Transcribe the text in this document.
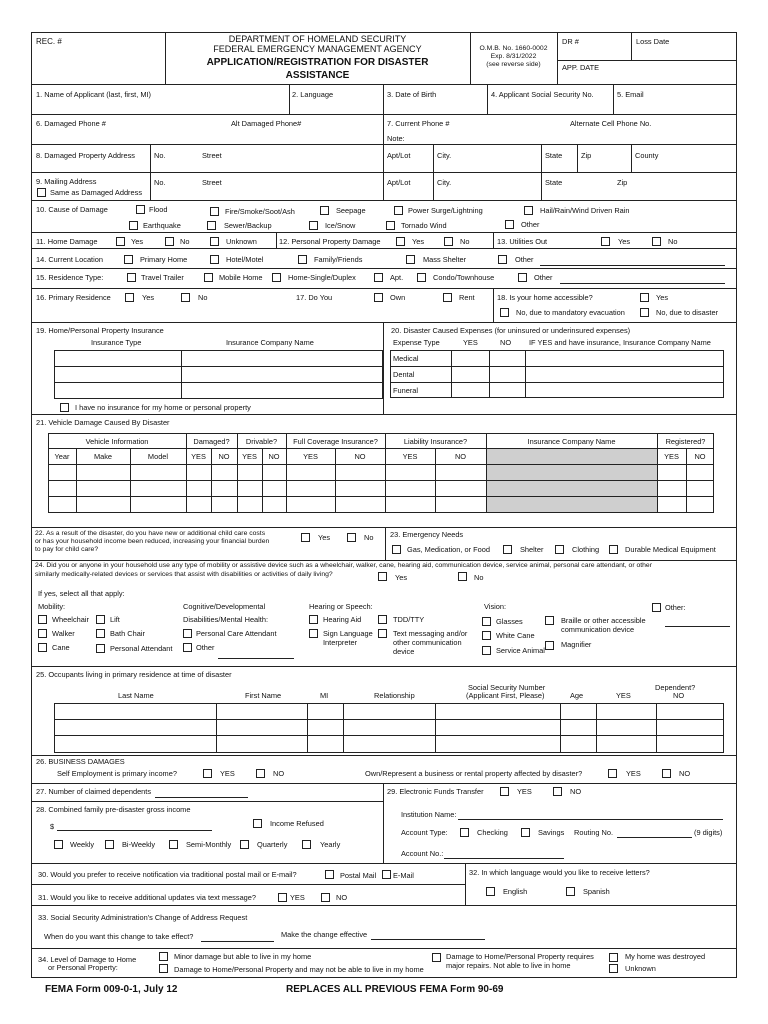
REC. #	DEPARTMENT OF HOMELAND SECURITY
FEDERAL EMERGENCY MANAGEMENT AGENCY
APPLICATION/REGISTRATION FOR DISASTER
ASSISTANCE
O.M.B. No. 1660-0002
Exp. 8/31/2022
(see reverse side)
DR #	Loss Date
APP. DATE
1. Name of Applicant (last, first, MI)	2. Language	3. Date of Birth	4. Applicant Social Security No.	5. Email
6. Damaged Phone #	Alt Damaged Phone#	7. Current Phone #	Alternate Cell Phone No.
Note:
8. Damaged Property Address	No.	Street	Apt/Lot	City.	State	Zip	County
9. Mailing Address
Same as Damaged Address
No.	Street	Apt/Lot	City.	State	Zip
10. Cause of Damage	Flood	Fire/Smoke/Soot/Ash	Seepage	Power Surge/Lightning	Hail/Rain/Wind Driven Rain
Earthquake	Sewer/Backup	Ice/Snow	Tornado Wind	Other
11. Home Damage	Yes	No	Unknown	12. Personal Property Damage	Yes	No	13. Utilities Out	Yes	No
14. Current Location	Primary Home	Hotel/Motel	Family/Friends	Mass Shelter	Other
15. Residence Type:	Travel Trailer	Mobile Home	Home-Single/Duplex	Apt.	Condo/Townhouse	Other
16. Primary Residence	Yes	No	17. Do You	Own	Rent	18. Is your home accessible?	Yes
No, due to mandatory evacuation	No, due to disaster
19. Home/Personal Property Insurance
Insurance Type	Insurance Company Name
I have no insurance for my home or personal property
20. Disaster Caused Expenses (for uninsured or underinsured expenses)
Expense Type	YES	NO IF YES and have insurance, Insurance Company Name
Medical
Dental
Funeral
21. Vehicle Damage Caused By Disaster
Vehicle Information	Damaged?	Drivable?	Full Coverage Insurance?	Liability Insurance?	Insurance Company Name	Registered?
Year	Make	Model	YES	NO	YES	NO	YES	NO	YES	NO	YES	NO
22. As a result of the disaster, do you have new or additional child care costs
or has your household income been reduced, increasing your financial burden
to pay for child care?
Yes	No 23. Emergency Needs
Gas, Medication, or Food	Shelter	Clothing	Durable Medical Equipment
24. Did you or anyone in your household use any type of mobility or assistive device such as a wheelchair, walker, cane, hearing aid, communication device, service animal, personal care attendant, or other
similarly medically-related devices or services that assist with disabilities or activities of daily living?	Yes	No
If yes, select all that apply:
Mobility:
Wheelchair	Lift
Walker	Bath Chair
Cane	Personal Attendant
Cognitive/Developmental
Disabilities/Mental Health:
Personal Care Attendant
Other
Hearing or Speech:
Hearing Aid
Sign Language
Interpreter
TDD/TTY
Text messaging and/or
other communication
device
Vision:
Glasses
White Cane
Service Animal
Braille or other accessible
communication device
Magnifier
Other:
25. Occupants living in primary residence at time of disaster
Last Name	First Name	MI	Relationship
Social Security Number
(Applicant First, Please)	Age
Dependent?
YES	NO
26. BUSINESS DAMAGES
Self Employment is primary income?	YES	NO	Own/Represent a business or rental property affected by disaster?	YES	NO
27. Number of claimed dependents
28. Combined family pre-disaster gross income
$	Income Refused
Weekly	Bi-Weekly	Semi-Monthly	Quarterly	Yearly
29. Electronic Funds Transfer	YES	NO
Institution Name:
Account Type:	Checking	Savings Routing No.	(9 digits)
Account No.:
30. Would you prefer to receive notification via traditional postal mail or E-mail?	Postal Mail E-Mail
31. Would you like to receive additional updates via text message?	YES	NO
32. In which language would you like to receive letters?
English	Spanish
33. Social Security Administration's Change of Address Request
When do you want this change to take effect?	Make the change effective
34. Level of Damage to Home
or Personal Property:
Minor damage but able to live in my home
Damage to Home/Personal Property and may not be able to live in my home
Damage to Home/Personal Property requires
major repairs. Not able to live in home
My home was destroyed
Unknown
FEMA Form 009-0-1, July 12	REPLACES ALL PREVIOUS FEMA Form 90-69
